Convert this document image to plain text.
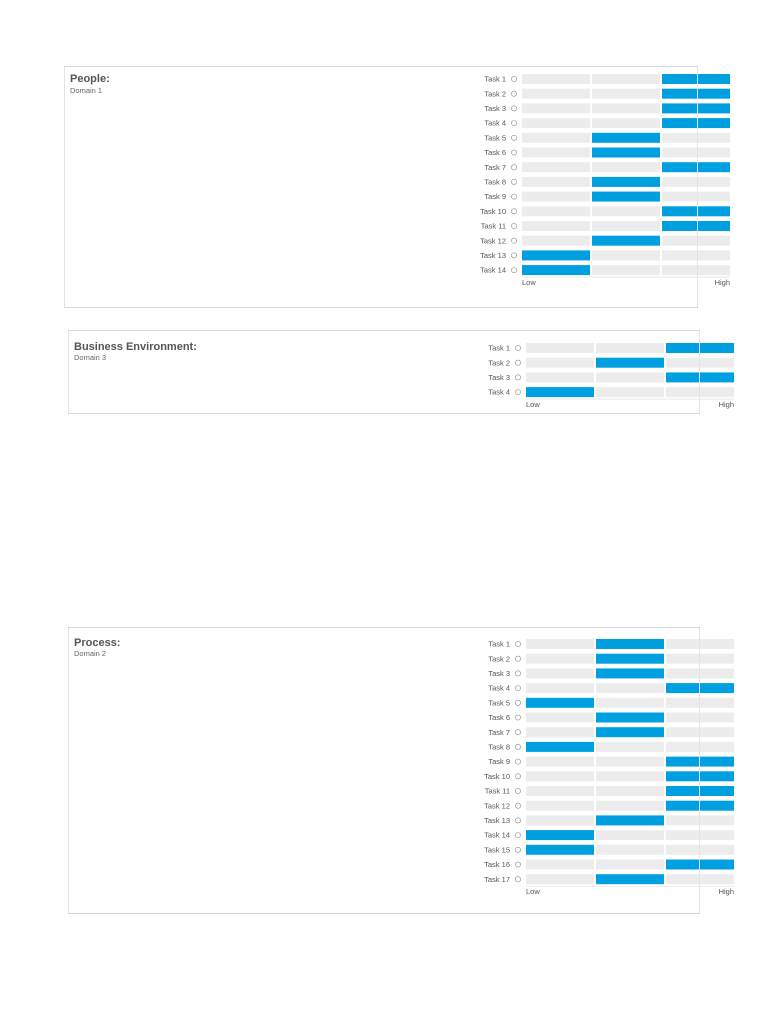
People:
Domain 1
Task 1
Task 2
Task 3
Task 4
Task 5
Task 6
Task 7
Task 8
Task 9
Task 10
Task 11
Task 12
Task 13
Task 14
Low	High
Business Environment:
Domain 3
Task 1
Task 2
Task 3
Task 4
Low	High
Process:
Domain 2
Task 1
Task 2
Task 3
Task 4
Task 5
Task 6
Task 7
Task 8
Task 9
Task 10
Task 11
Task 12
Task 13
Task 14
Task 15
Task 16
Task 17
Low	High
